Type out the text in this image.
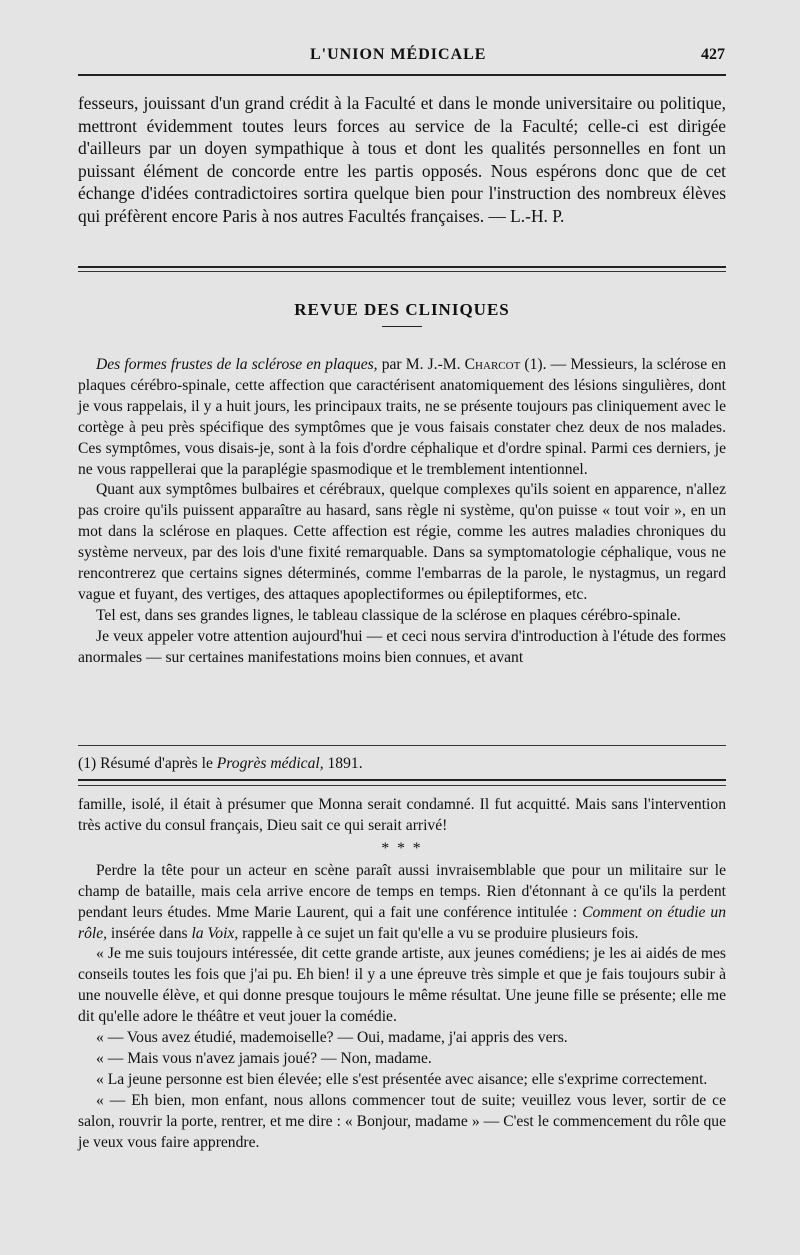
L'UNION MÉDICALE	427

fesseurs, jouissant d'un grand crédit à la Faculté et dans le monde universitaire ou politique, mettront évidemment toutes leurs forces au service de la Faculté; celle-ci est dirigée d'ailleurs par un doyen sympathique à tous et dont les qualités personnelles en font un puissant élément de concorde entre les partis opposés. Nous espérons donc que de cet échange d'idées contradictoires sortira quelque bien pour l'instruction des nombreux élèves qui préfèrent encore Paris à nos autres Facultés françaises. — L.-H. P.

REVUE DES CLINIQUES

Des formes frustes de la sclérose en plaques, par M. J.-M. Charcot (1). — Messieurs, la sclérose en plaques cérébro-spinale, cette affection que caractérisent anatomiquement des lésions singulières, dont je vous rappelais, il y a huit jours, les principaux traits, ne se présente toujours pas cliniquement avec le cortège à peu près spécifique des symptômes que je vous faisais constater chez deux de nos malades. Ces symptômes, vous disais-je, sont à la fois d'ordre céphalique et d'ordre spinal. Parmi ces derniers, je ne vous rappellerai que la paraplégie spasmodique et le tremblement intentionnel.

Quant aux symptômes bulbaires et cérébraux, quelque complexes qu'ils soient en apparence, n'allez pas croire qu'ils puissent apparaître au hasard, sans règle ni système, qu'on puisse « tout voir », en un mot dans la sclérose en plaques. Cette affection est régie, comme les autres maladies chroniques du système nerveux, par des lois d'une fixité remarquable. Dans sa symptomatologie céphalique, vous ne rencontrerez que certains signes déterminés, comme l'embarras de la parole, le nystagmus, un regard vague et fuyant, des vertiges, des attaques apoplectiformes ou épileptiformes, etc.

Tel est, dans ses grandes lignes, le tableau classique de la sclérose en plaques cérébro-spinale.

Je veux appeler votre attention aujourd'hui — et ceci nous servira d'introduction à l'étude des formes anormales — sur certaines manifestations moins bien connues, et avant

(1) Résumé d'après le Progrès médical, 1891.

famille, isolé, il était à présumer que Monna serait condamné. Il fut acquitté. Mais sans l'intervention très active du consul français, Dieu sait ce qui serait arrivé!

* * *

Perdre la tête pour un acteur en scène paraît aussi invraisemblable que pour un militaire sur le champ de bataille, mais cela arrive encore de temps en temps. Rien d'étonnant à ce qu'ils la perdent pendant leurs études. Mme Marie Laurent, qui a fait une conférence intitulée : Comment on étudie un rôle, insérée dans la Voix, rappelle à ce sujet un fait qu'elle a vu se produire plusieurs fois.

« Je me suis toujours intéressée, dit cette grande artiste, aux jeunes comédiens; je les ai aidés de mes conseils toutes les fois que j'ai pu. Eh bien! il y a une épreuve très simple et que je fais toujours subir à une nouvelle élève, et qui donne presque toujours le même résultat. Une jeune fille se présente; elle me dit qu'elle adore le théâtre et veut jouer la comédie.

« — Vous avez étudié, mademoiselle? — Oui, madame, j'ai appris des vers.

« — Mais vous n'avez jamais joué? — Non, madame.

« La jeune personne est bien élevée; elle s'est présentée avec aisance; elle s'exprime correctement.

« — Eh bien, mon enfant, nous allons commencer tout de suite; veuillez vous lever, sortir de ce salon, rouvrir la porte, rentrer, et me dire : « Bonjour, madame » — C'est le commencement du rôle que je veux vous faire apprendre.
